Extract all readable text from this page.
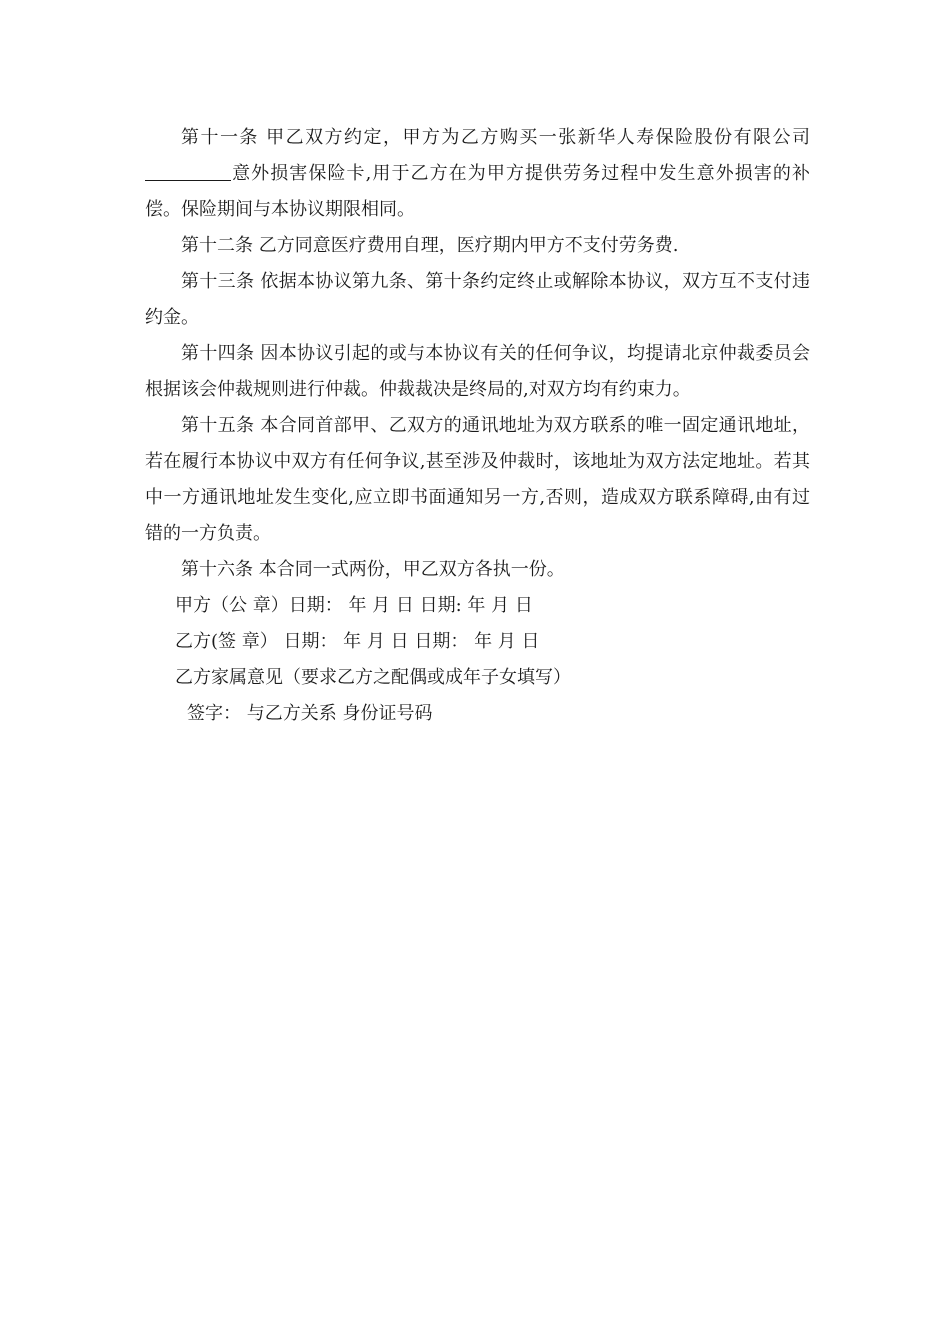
第十一条 甲乙双方约定，甲方为乙方购买一张新华人寿保险股份有限公司意外损害保险卡,用于乙方在为甲方提供劳务过程中发生意外损害的补偿。保险期间与本协议期限相同。

第十二条 乙方同意医疗费用自理，医疗期内甲方不支付劳务费.

第十三条 依据本协议第九条、第十条约定终止或解除本协议，双方互不支付违约金。

第十四条 因本协议引起的或与本协议有关的任何争议，均提请北京仲裁委员会根据该会仲裁规则进行仲裁。仲裁裁决是终局的,对双方均有约束力。

第十五条 本合同首部甲、乙双方的通讯地址为双方联系的唯一固定通讯地址，若在履行本协议中双方有任何争议,甚至涉及仲裁时，该地址为双方法定地址。若其中一方通讯地址发生变化,应立即书面通知另一方,否则，造成双方联系障碍,由有过错的一方负责。

第十六条 本合同一式两份，甲乙双方各执一份。

甲方（公 章）日期： 年 月 日 日期: 年 月 日

乙方(签 章） 日期： 年 月 日 日期： 年 月 日

乙方家属意见（要求乙方之配偶或成年子女填写）

签字： 与乙方关系 身份证号码
